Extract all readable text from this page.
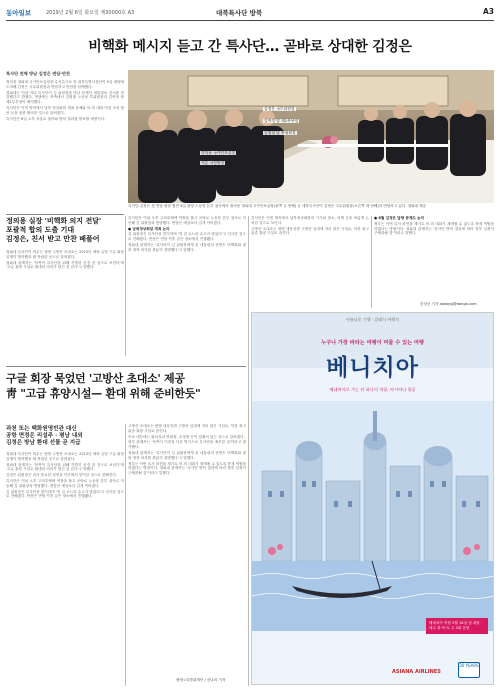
동아일보	2019년 2월 6일 화요일 제30000호 A3	대북특사단 방북	A3
비핵화 메시지 듣고 간 특사단… 곧바로 상대한 김정은
특사단 전체 방남 김정은 면담·만찬

정의용 청와대 국가안보실장을 수석특사로 한 대북특별사절단이 5일 평양에 도착해 김정은 국무위원장과 면담하고 만찬을 함께했다.

청와대는 이날 저녁 특사단이 김 위원장을 만나 문재인 대통령의 친서를 전달했다고 밝혔다. 면담에는 북측에서 김영철 노동당 부위원장과 김여정 당 제1부부장이 배석했다.

특사단은 이번 방북에서 남북 정상회담 개최 문제와 북-미 대화 여건 조성 방안 등을 집중 협의한 것으로 알려졌다.

특사단은 6일 오후 서울로 돌아와 방북 결과를 발표할 예정이다.

김정은 국무위원장
김여정 당 제1부부장
김영철 당 부위원장
정의용 국가안보실장
서훈 국정원장
특사단-김정은 첫 면담 평양 접견 5일 평양 노동당 본부 청사에서 정의용 청와대 국가안보실장(왼쪽 두 번째) 등 대북특사단이 김정은 국무위원장(오른쪽 세 번째)과 면담하고 있다. 청와대 제공
정의용 실장 '비핵화 의지 전달'
포괄적 합의 도출 기대
김정은, 친서 받고 만찬 베풀어

청와대 특사단이 머무는 평양 고방산 초대소는 2013년 에릭 슈밋 구글 회장 일행이 방북했을 때 묵었던 곳으로 알려졌다.

청와대 관계자는 '북측이 특사단을 위해 각별히 신경 쓴 것으로 보인다'며 '고급 휴양 시설로 환대의 의미가 담긴 것 같다'고 말했다.

특사단은 이날 오후 고려호텔에 여장을 풀고 곧바로 노동당 본부 청사로 이동해 김 위원장과 면담했다. 면담은 예상보다 길게 이어졌다.

● 남북정상회담 개최 논의

김 위원장은 특사단을 맞이하며 '먼 길 오느라 수고가 많았다'고 인사한 것으로 전해졌다. 만찬은 면담 직후 같은 장소에서 진행됐다.

청와대 관계자는 '특사단이 김 위원장에게 문 대통령의 한반도 비핵화와 평화 정착 의지를 충분히 설명했다'고 말했다.

특사단은 이번 방북에서 남북정상회담의 시기와 장소, 의제 등을 폭넓게 논의한 것으로 보인다.

고방산 초대소는 평양 대동강변 고방산 일대에 자리 잡은 시설로, 북한 최고위층 휴양 시설로 꼽힌다.

● 6월 김정은 답방 문제도 논의

정부는 이번 특사 파견을 계기로 북-미 대화가 재개될 수 있도록 중재 역할을 하겠다는 방침이다. 청와대 관계자는 '특사단 방북 결과에 따라 향후 일정이 구체화될 것'이라고 말했다.

한상준 기자 alwaysj@donga.com
아름다운 기행 · 클래식 여행지
누구나 가장 바라는 여행이 머물 수 있는 여행
베니치아
베네치아로 가는 단 하나의 직항, 아시아나 항공
베네치아 직항 5월 16일 첫 취항 · 매주 화·목·토 주 3회 운항
ASIANA AIRLINES
30 YEARS
구글 회장 묵었던 '고방산 초대소' 제공
靑 "고급 휴양시설— 환대 위해 준비한듯"
과천 또는 백화원영빈관 대신
공항 면정은 리설주 · 평남 내외
김정은 방남 환대 선물 곧 지급

청와대 특사단이 머무는 평양 고방산 초대소는 2013년 에릭 슈밋 구글 회장 일행이 방북했을 때 묵었던 곳으로 알려졌다.

청와대 관계자는 '북측이 특사단을 위해 각별히 신경 쓴 것으로 보인다'며 '고급 휴양 시설로 환대의 의미가 담긴 것 같다'고 말했다.

김정은 위원장은 과거 중요한 외빈을 이곳에서 맞이한 것으로 전해진다.

특사단은 이날 오후 고려호텔에 여장을 풀고 곧바로 노동당 본부 청사로 이동해 김 위원장과 면담했다. 면담은 예상보다 길게 이어졌다.

김 위원장은 특사단을 맞이하며 '먼 길 오느라 수고가 많았다'고 인사한 것으로 전해졌다. 만찬은 면담 직후 같은 장소에서 진행됐다.

고방산 초대소는 평양 대동강변 고방산 일대에 자리 잡은 시설로, 북한 최고위층 휴양 시설로 꼽힌다.

숙소 내부에는 회의실과 연회장, 수영장 등이 갖춰져 있는 것으로 알려졌다.

정부 관계자는 '북측이 이전과 다른 방식으로 특사단을 예우한 것'이라고 평가했다.

청와대 관계자는 '특사단이 김 위원장에게 문 대통령의 한반도 비핵화와 평화 정착 의지를 충분히 설명했다'고 말했다.

정부는 이번 특사 파견을 계기로 북-미 대화가 재개될 수 있도록 중재 역할을 하겠다는 방침이다. 청와대 관계자는 '특사단 방북 결과에 따라 향후 일정이 구체화될 것'이라고 말했다.

평양=특별취재단 / 신나리 기자
